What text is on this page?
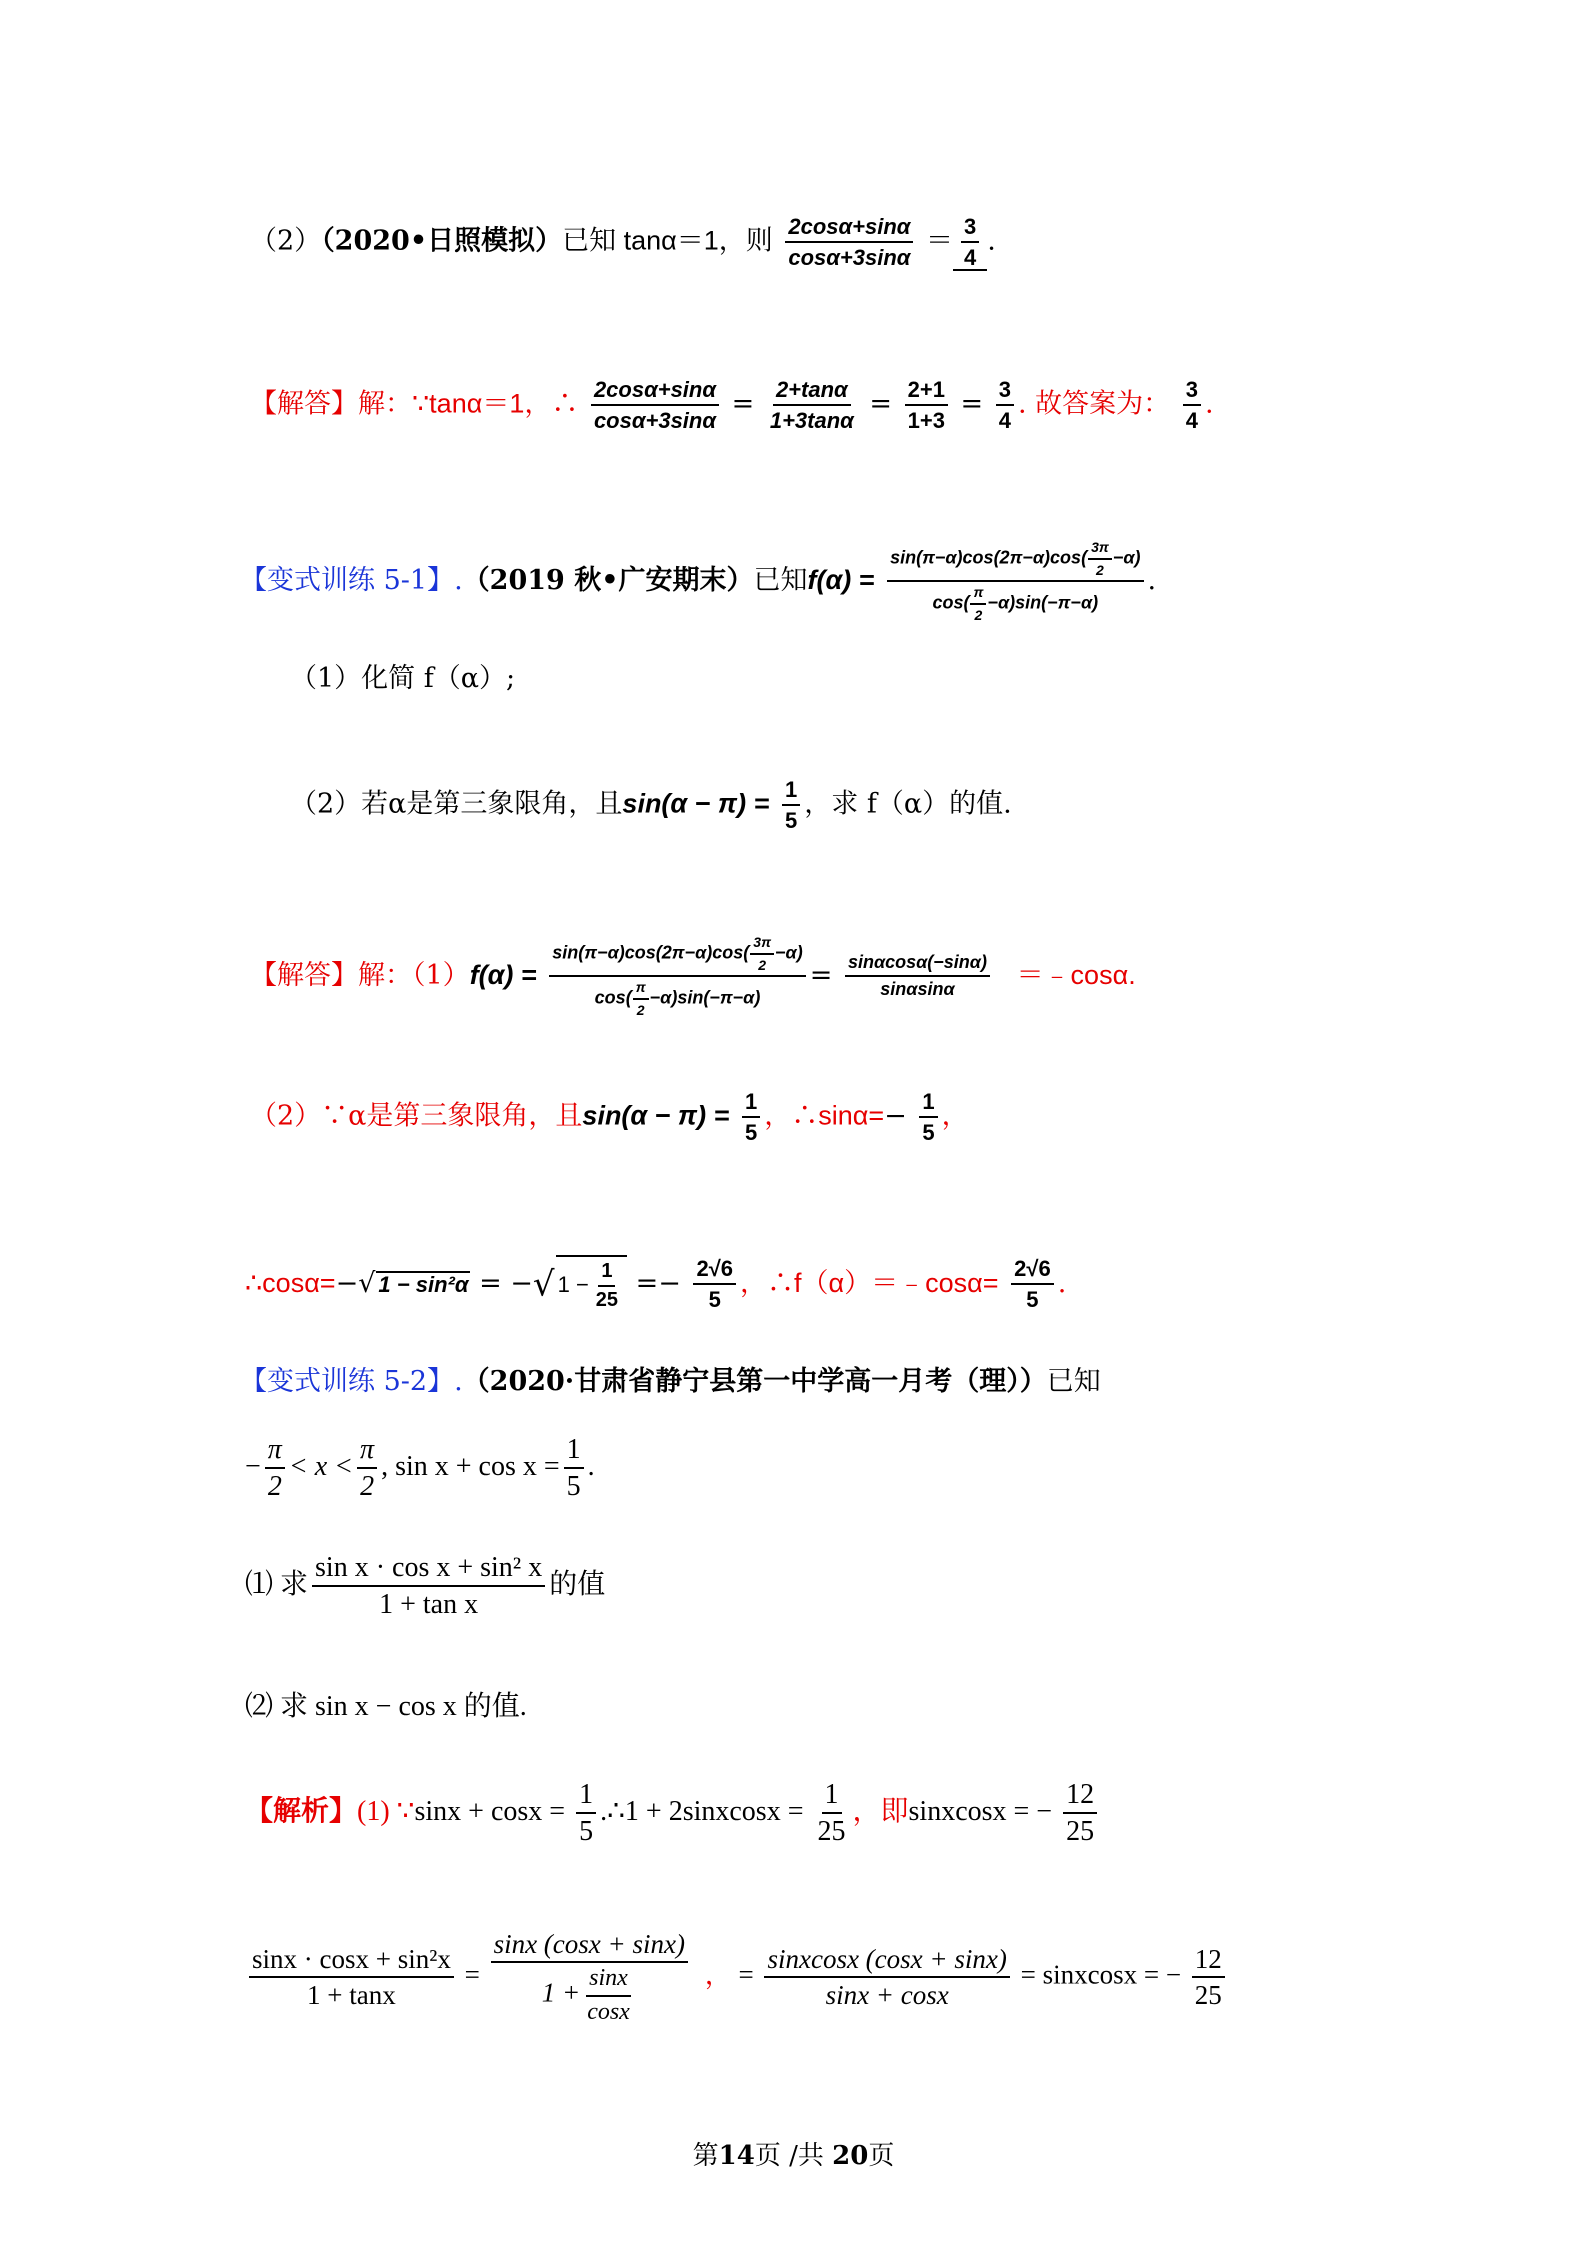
（2）（2020•日照模拟）已知 tanα＝1，则 $\frac{2\cos\alpha+\sin\alpha}{\cos\alpha+3\sin\alpha} = \frac{3}{4}$ .
【解答】解：∵tanα＝1，∴ $\frac{2\cos\alpha+\sin\alpha}{\cos\alpha+3\sin\alpha} = \frac{2+\tan\alpha}{1+3\tan\alpha} = \frac{2+1}{1+3} = \frac{3}{4}$ . 故答案为： $\frac{3}{4}$ .
【变式训练 5-1】.（2019 秋•广安期末）已知$f(\alpha) = \frac{\sin(\pi-\alpha)\cos(2\pi-\alpha)\cos( \frac{3\pi}{2} -\alpha)}{\cos( \frac{\pi}{2} -\alpha)\sin(-\pi-\alpha)}$ .
（1）化简 f（α）;
（2）若α是第三象限角，且$\sin(\alpha - \pi) = \frac{1}{5}$ ，求 f（α）的值.
【解答】解：$(1)f(\alpha) = \frac{\sin(\pi-\alpha)\cos(2\pi-\alpha)\cos( \frac{3\pi}{2} -\alpha)}{\cos( \frac{\pi}{2} -\alpha)\sin(-\pi-\alpha)} = \frac{\sin\alpha\cos\alpha(-\sin\alpha)}{\sin\alpha\sin\alpha}$ ＝﹣cosα.
（2）∵α是第三象限角，且$\sin(\alpha - \pi) = \frac{1}{5}$ ，∴sinα=− $\frac{1}{5}$ ，
∴cosα=−√ 1 − sin²α = −√ $1 - \frac{1}{25} =- \frac{2√6}{5}$ ，∴f（α）＝﹣cosα= $\frac{2√6}{5}$ .
【变式训练 5-2】.（2020·甘肃省静宁县第一中学高一月考（理））已知
− $\frac{\pi}{2} < x < \frac{\pi}{2}$ , $\sin x + \cos x = \frac{1}{5}$ .
⑴ 求 $\frac{\text{sin x · cos x + sin² x}}{\text{1 + tan x}}$ 的值
⑵ 求 sin x − cos x 的值.
【解析】(1) ∵sinx + $\cos x = \frac{1}{5}$ .∴1 + 2sinxcosx = $\frac{1}{25}$ ，即sinxcosx = − $\frac{12}{25}$
$\frac{\text{sinx · cosx + sin²x}}{1 + \tan x} = \frac{\sin x (\cos x + \sin x)}{1 + \frac{\sin x}{\cos x}}$ ， = $\frac{\text{sinxcosx (cosx + sinx)}}{\sin x + \cos x}$ = sinxcosx = − $\frac{12}{25}$
第14页 /共 20页
